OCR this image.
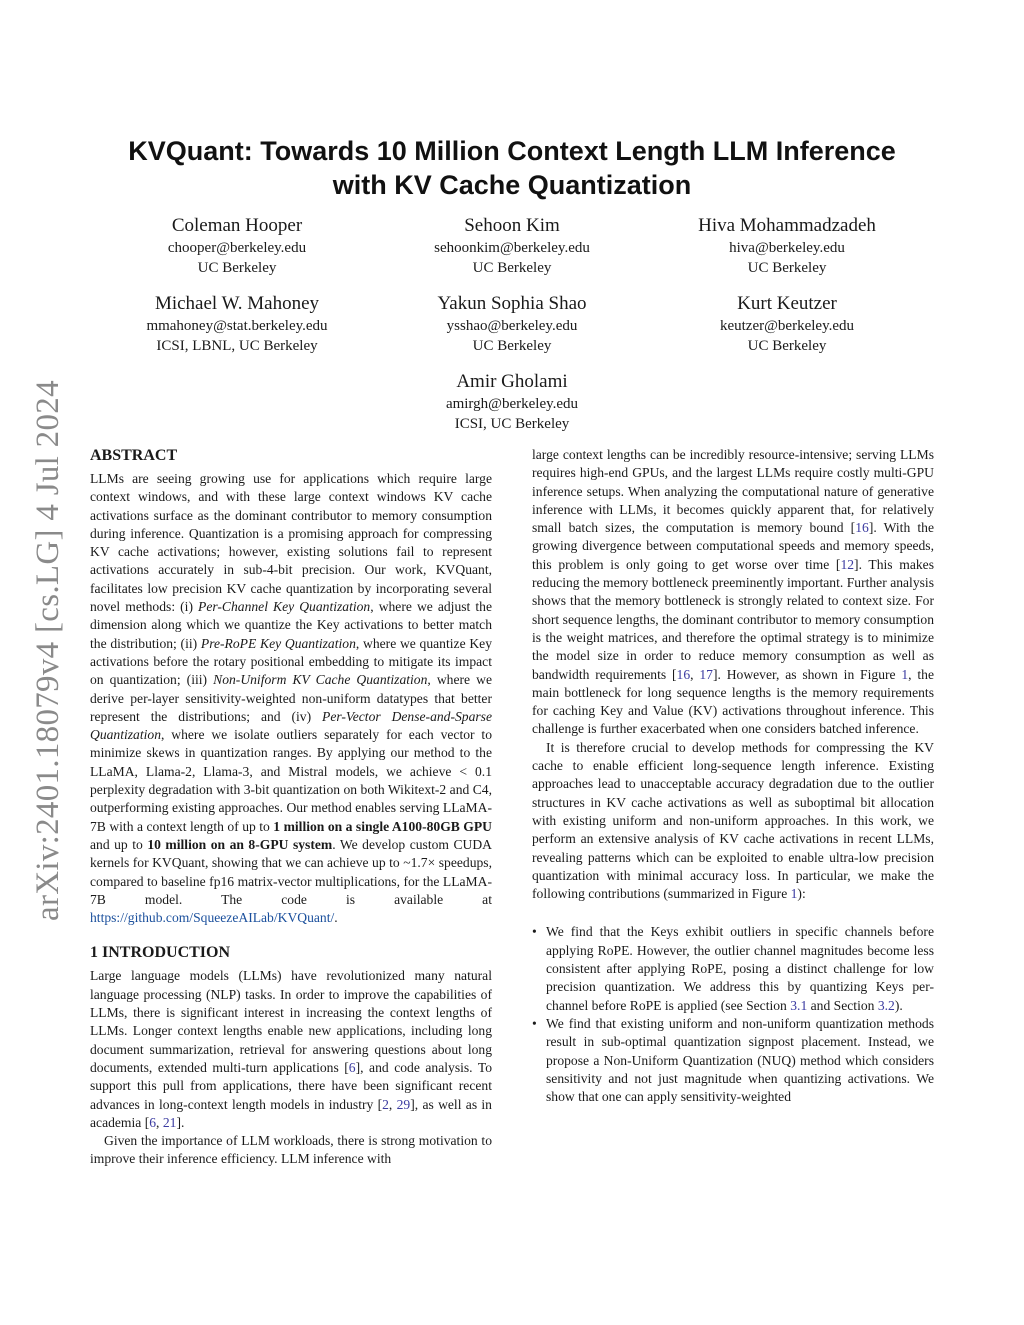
arXiv:2401.18079v4 [cs.LG] 4 Jul 2024
KVQuant: Towards 10 Million Context Length LLM Inference
with KV Cache Quantization
Coleman Hooper
chooper@berkeley.edu
UC Berkeley
Sehoon Kim
sehoonkim@berkeley.edu
UC Berkeley
Hiva Mohammadzadeh
hiva@berkeley.edu
UC Berkeley
Michael W. Mahoney
mmahoney@stat.berkeley.edu
ICSI, LBNL, UC Berkeley
Yakun Sophia Shao
ysshao@berkeley.edu
UC Berkeley
Kurt Keutzer
keutzer@berkeley.edu
UC Berkeley
Amir Gholami
amirgh@berkeley.edu
ICSI, UC Berkeley
ABSTRACT

LLMs are seeing growing use for applications which require large context windows, and with these large context windows KV cache activations surface as the dominant contributor to memory consumption during inference. Quantization is a promising approach for compressing KV cache activations; however, existing solutions fail to represent activations accurately in sub-4-bit precision. Our work, KVQuant, facilitates low precision KV cache quantization by incorporating several novel methods: (i) Per-Channel Key Quantization, where we adjust the dimension along which we quantize the Key activations to better match the distribution; (ii) Pre-RoPE Key Quantization, where we quantize Key activations before the rotary positional embedding to mitigate its impact on quantization; (iii) Non-Uniform KV Cache Quantization, where we derive per-layer sensitivity-weighted non-uniform datatypes that better represent the distributions; and (iv) Per-Vector Dense-and-Sparse Quantization, where we isolate outliers separately for each vector to minimize skews in quantization ranges. By applying our method to the LLaMA, Llama-2, Llama-3, and Mistral models, we achieve < 0.1 perplexity degradation with 3-bit quantization on both Wikitext-2 and C4, outperforming existing approaches. Our method enables serving LLaMA-7B with a context length of up to 1 million on a single A100-80GB GPU and up to 10 million on an 8-GPU system. We develop custom CUDA kernels for KVQuant, showing that we can achieve up to ~1.7× speedups, compared to baseline fp16 matrix-vector multiplications, for the LLaMA-7B model. The code is available at https://github.com/SqueezeAILab/KVQuant/.

1 INTRODUCTION

Large language models (LLMs) have revolutionized many natural language processing (NLP) tasks. In order to improve the capabilities of LLMs, there is significant interest in increasing the context lengths of LLMs. Longer context lengths enable new applications, including long document summarization, retrieval for answering questions about long documents, extended multi-turn applications [6], and code analysis. To support this pull from applications, there have been significant recent advances in long-context length models in industry [2, 29], as well as in academia [6, 21].

Given the importance of LLM workloads, there is strong motivation to improve their inference efficiency. LLM inference with

large context lengths can be incredibly resource-intensive; serving LLMs requires high-end GPUs, and the largest LLMs require costly multi-GPU inference setups. When analyzing the computational nature of generative inference with LLMs, it becomes quickly apparent that, for relatively small batch sizes, the computation is memory bound [16]. With the growing divergence between computational speeds and memory speeds, this problem is only going to get worse over time [12]. This makes reducing the memory bottleneck preeminently important. Further analysis shows that the memory bottleneck is strongly related to context size. For short sequence lengths, the dominant contributor to memory consumption is the weight matrices, and therefore the optimal strategy is to minimize the model size in order to reduce memory consumption as well as bandwidth requirements [16, 17]. However, as shown in Figure 1, the main bottleneck for long sequence lengths is the memory requirements for caching Key and Value (KV) activations throughout inference. This challenge is further exacerbated when one considers batched inference.

It is therefore crucial to develop methods for compressing the KV cache to enable efficient long-sequence length inference. Existing approaches lead to unacceptable accuracy degradation due to the outlier structures in KV cache activations as well as suboptimal bit allocation with existing uniform and non-uniform approaches. In this work, we perform an extensive analysis of KV cache activations in recent LLMs, revealing patterns which can be exploited to enable ultra-low precision quantization with minimal accuracy loss. In particular, we make the following contributions (summarized in Figure 1):

• We find that the Keys exhibit outliers in specific channels before applying RoPE. However, the outlier channel magnitudes become less consistent after applying RoPE, posing a distinct challenge for low precision quantization. We address this by quantizing Keys per-channel before RoPE is applied (see Section 3.1 and Section 3.2).

• We find that existing uniform and non-uniform quantization methods result in sub-optimal quantization signpost placement. Instead, we propose a Non-Uniform Quantization (NUQ) method which considers sensitivity and not just magnitude when quantizing activations. We show that one can apply sensitivity-weighted
